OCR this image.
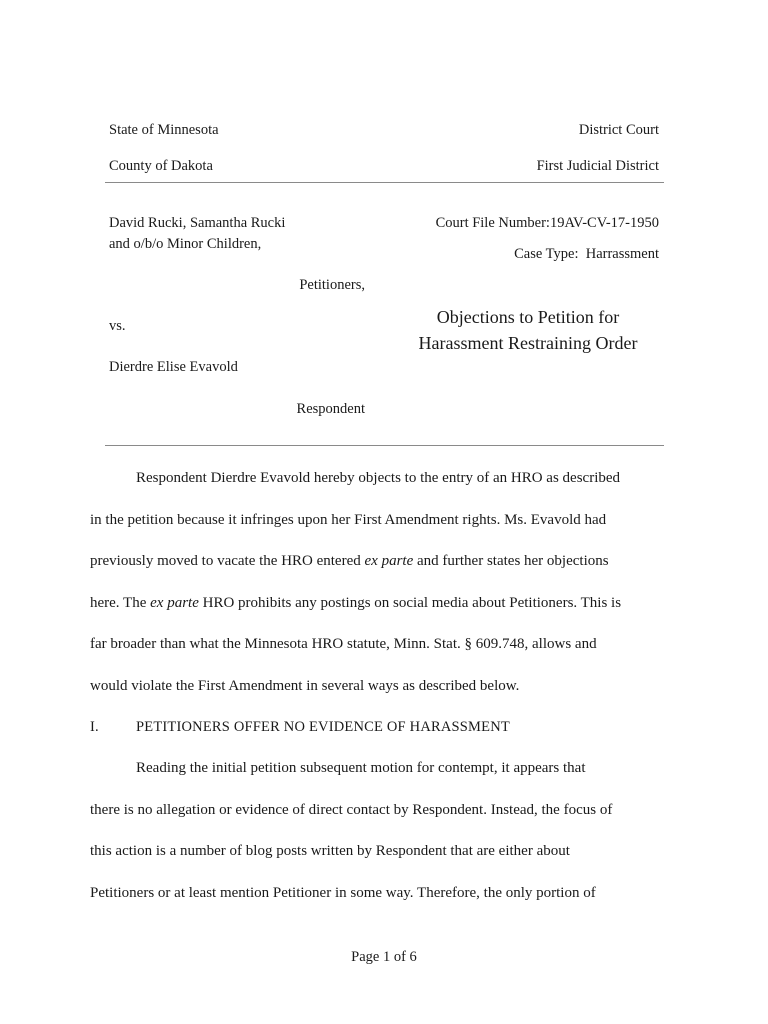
State of Minnesota	District Court
County of Dakota	First Judicial District
David Rucki, Samantha Rucki
and o/b/o Minor Children,
Petitioners,
vs.
Dierdre Elise Evavold
Respondent
Court File Number:19AV-CV-17-1950
Case Type: Harrassment
Objections to Petition for
Harassment Restraining Order
Respondent Dierdre Evavold hereby objects to the entry of an HRO as described
in the petition because it infringes upon her First Amendment rights. Ms. Evavold had
previously moved to vacate the HRO entered ex parte and further states her objections
here. The ex parte HRO prohibits any postings on social media about Petitioners. This is
far broader than what the Minnesota HRO statute, Minn. Stat. § 609.748, allows and
would violate the First Amendment in several ways as described below.
I.	PETITIONERS OFFER NO EVIDENCE OF HARASSMENT
Reading the initial petition subsequent motion for contempt, it appears that
there is no allegation or evidence of direct contact by Respondent. Instead, the focus of
this action is a number of blog posts written by Respondent that are either about
Petitioners or at least mention Petitioner in some way. Therefore, the only portion of
Page 1 of 6
